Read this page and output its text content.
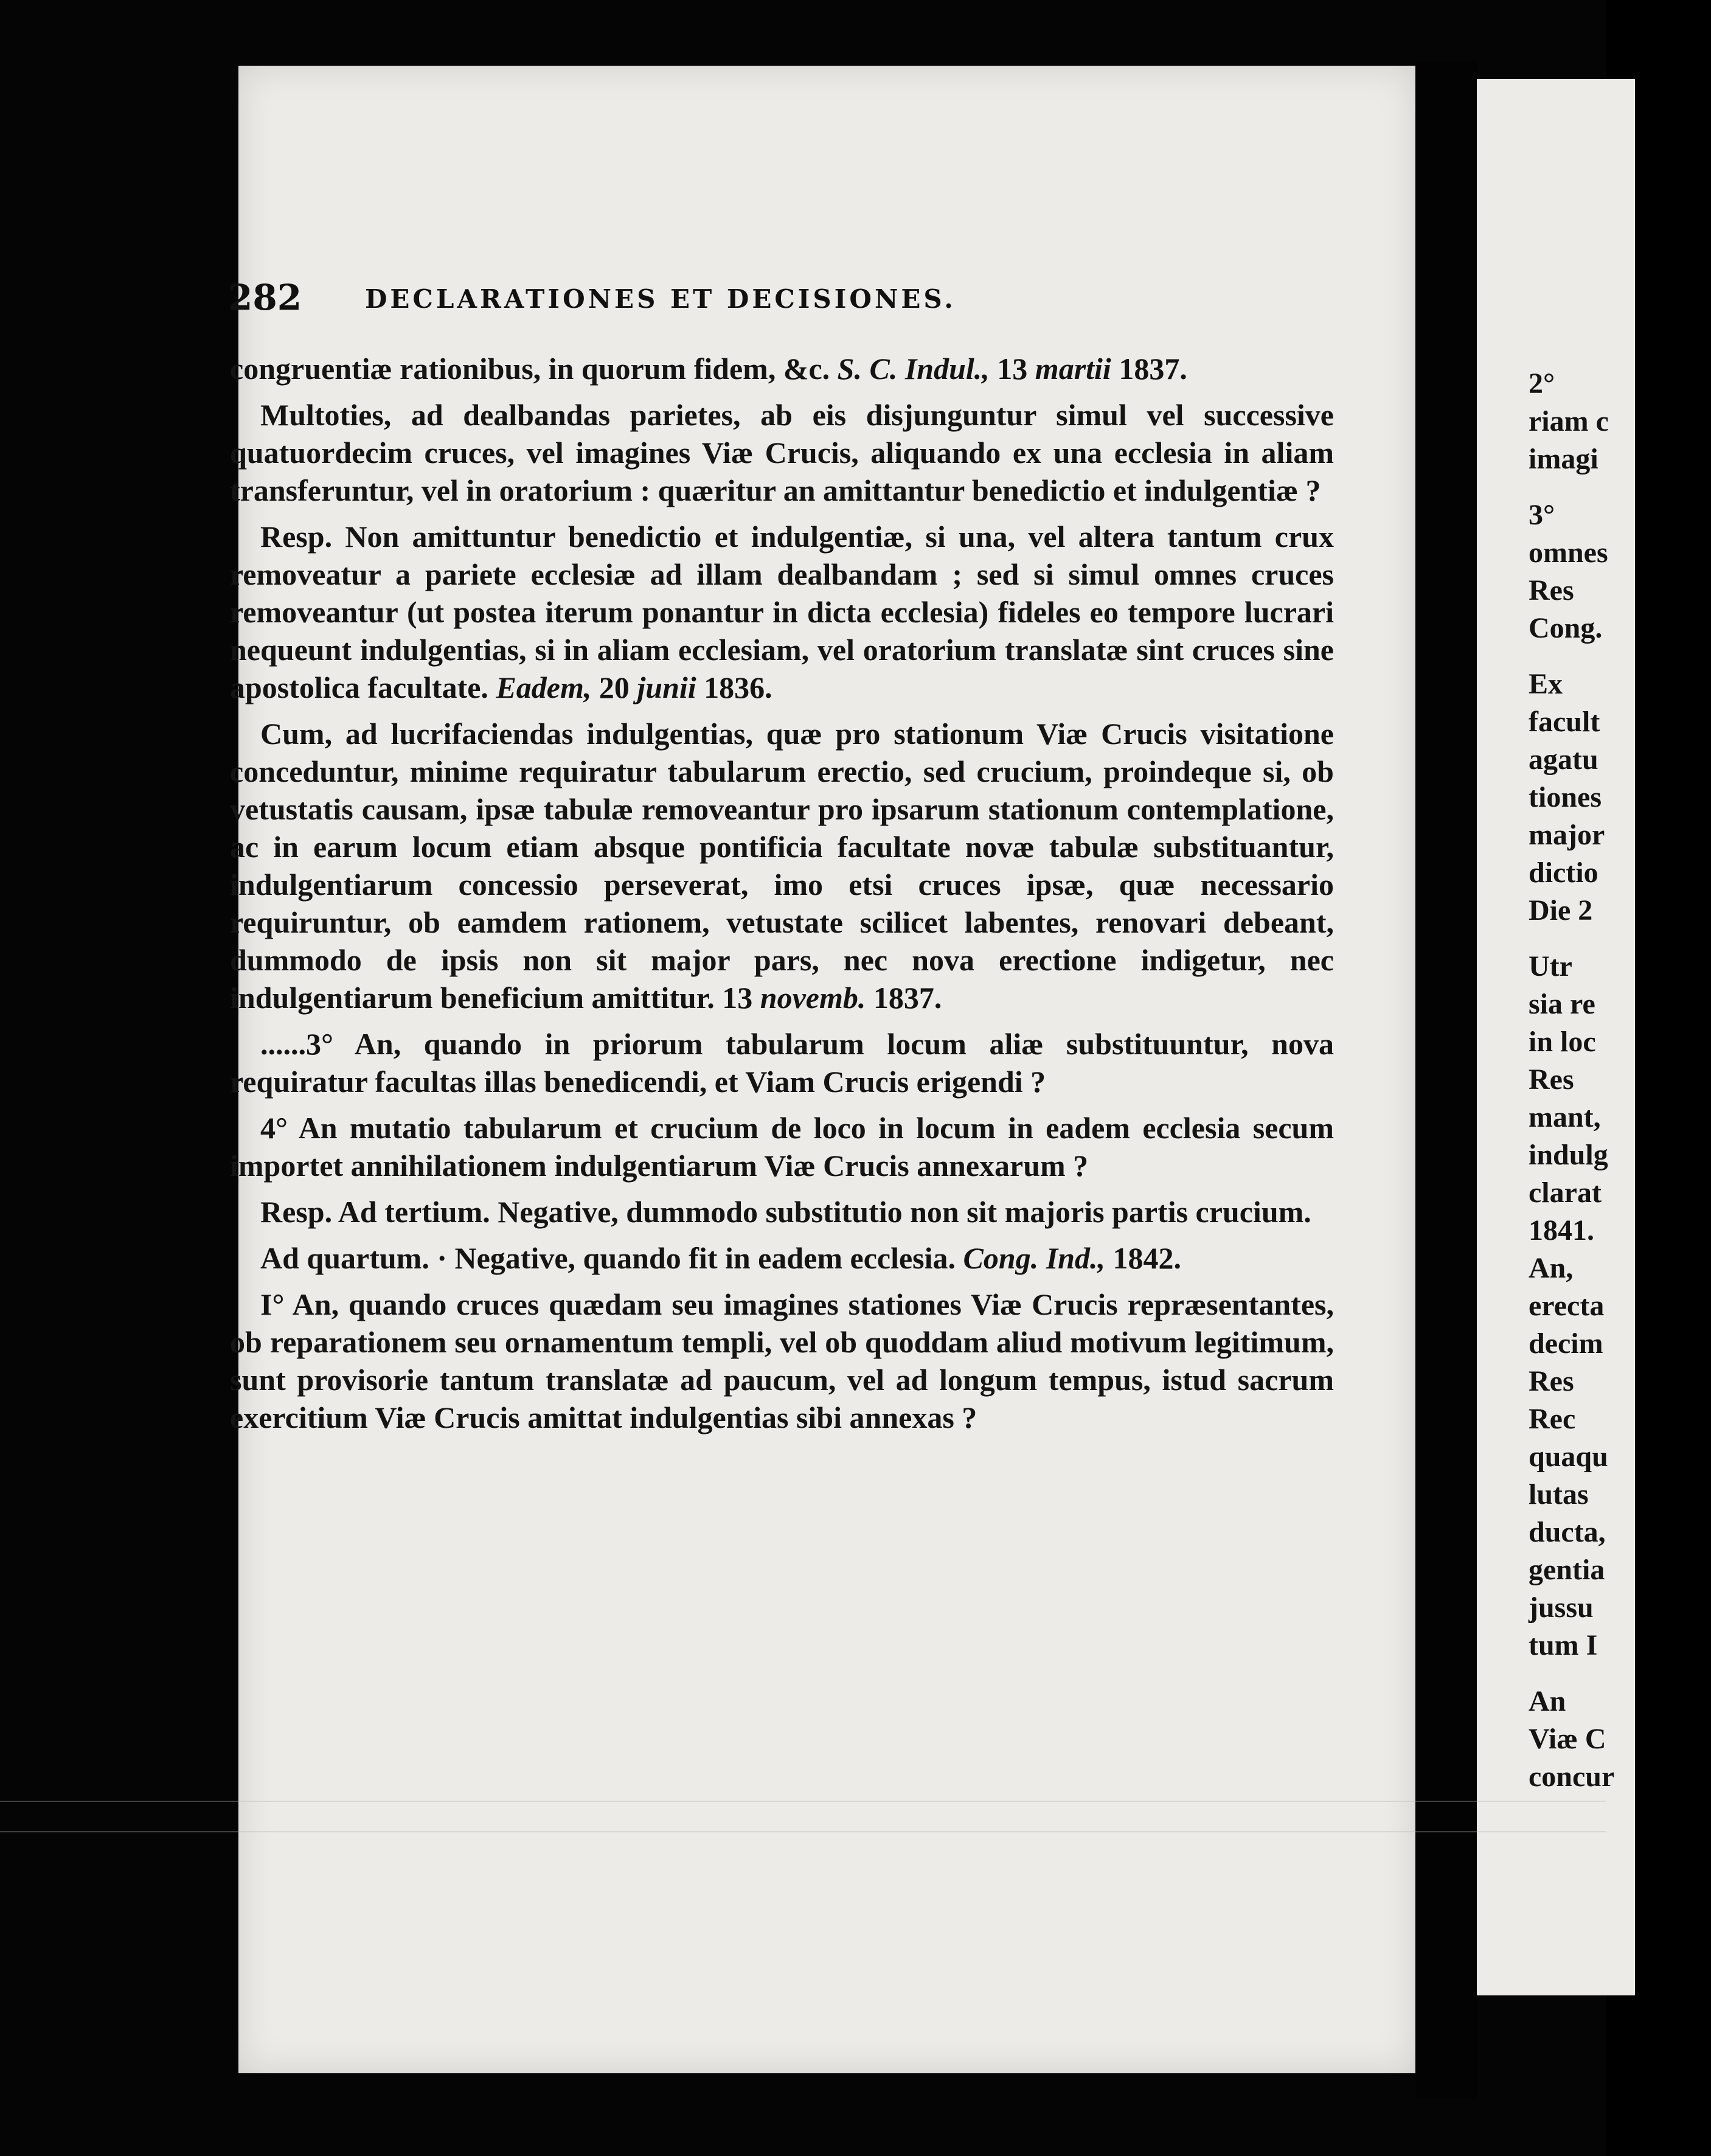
282 DECLARATIONES ET DECISIONES.

congruentiæ rationibus, in quorum fidem, &c. S. C. Indul., 13 martii 1837.

Multoties, ad dealbandas parietes, ab eis disjunguntur simul vel successive quatuordecim cruces, vel imagines Viæ Crucis, aliquando ex una ecclesia in aliam transferuntur, vel in oratorium : quæritur an amittantur benedictio et indulgentiæ ?

Resp. Non amittuntur benedictio et indulgentiæ, si una, vel altera tantum crux removeatur a pariete ecclesiæ ad illam dealbandam ; sed si simul omnes cruces removeantur (ut postea iterum ponantur in dicta ecclesia) fideles eo tempore lucrari nequeunt indulgentias, si in aliam ecclesiam, vel oratorium translatæ sint cruces sine apostolica facultate. Eadem, 20 junii 1836.

Cum, ad lucrifaciendas indulgentias, quæ pro stationum Viæ Crucis visitatione conceduntur, minime requiratur tabularum erectio, sed crucium, proindeque si, ob vetustatis causam, ipsæ tabulæ removeantur pro ipsarum stationum contemplatione, ac in earum locum etiam absque pontificia facultate novæ tabulæ substituantur, indulgentiarum concessio perseverat, imo etsi cruces ipsæ, quæ necessario requiruntur, ob eamdem rationem, vetustate scilicet labentes, renovari debeant, dummodo de ipsis non sit major pars, nec nova erectione indigetur, nec indulgentiarum beneficium amittitur. 13 novemb. 1837.

......3° An, quando in priorum tabularum locum aliæ substituuntur, nova requiratur facultas illas benedicendi, et Viam Crucis erigendi ?

4° An mutatio tabularum et crucium de loco in locum in eadem ecclesia secum importet annihilationem indulgentiarum Viæ Crucis annexarum ?

Resp. Ad tertium. Negative, dummodo substitutio non sit majoris partis crucium.

Ad quartum. · Negative, quando fit in eadem ecclesia. Cong. Ind., 1842.

I° An, quando cruces quædam seu imagines stationes Viæ Crucis repræsentantes, ob reparationem seu ornamentum templi, vel ob quoddam aliud motivum legitimum, sunt provisorie tantum translatæ ad paucum, vel ad longum tempus, istud sacrum exercitium Viæ Crucis amittat indulgentias sibi annexas ?

2°
riam c
imagi
3°
omnes
Res
Cong.
Ex
facult
agatu
tiones
major
dictio
Die 2
Utr
sia re
in loc
Res
mant,
indulg
clarat
1841.
An,
erecta
decim
Res
Rec
quaqu
lutas
ducta,
gentia
jussu
tum I
An
Viæ C
concur
